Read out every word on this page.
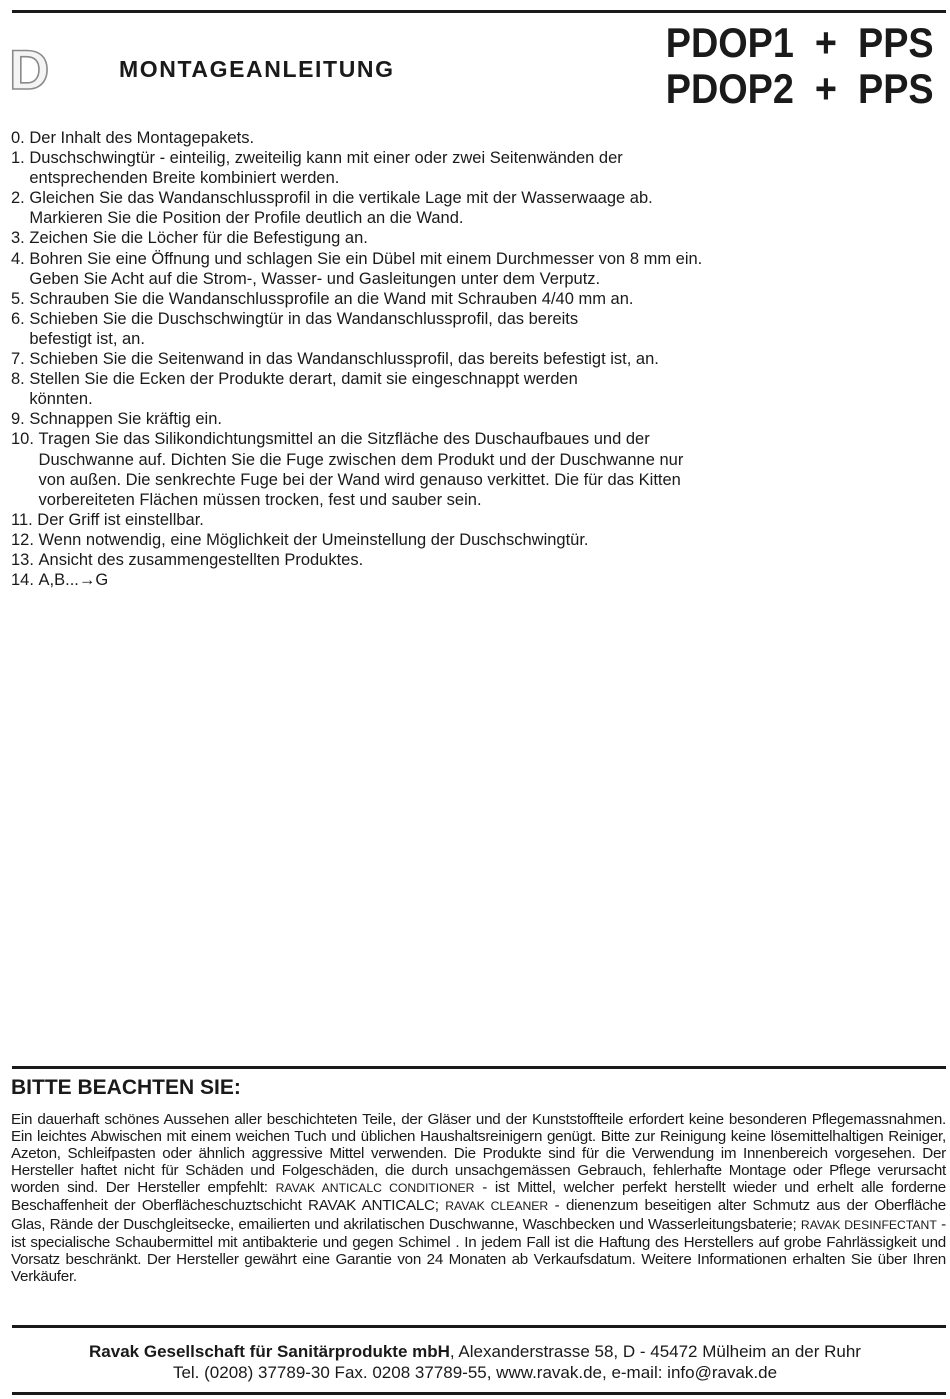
D	MONTAGEANLEITUNG
PDOP1  +  PPS
PDOP2  +  PPS
0. Der Inhalt des Montagepakets.
1. Duschschwingtür - einteilig, zweiteilig kann mit einer oder zwei Seitenwänden der entsprechenden Breite kombiniert werden.
2. Gleichen Sie das Wandanschlussprofil in die vertikale Lage mit der Wasserwaage ab. Markieren Sie die Position der Profile deutlich an die Wand.
3. Zeichen Sie die Löcher für die Befestigung an.
4. Bohren Sie eine Öffnung und schlagen Sie ein Dübel mit einem Durchmesser von 8 mm ein. Geben Sie Acht auf die Strom-, Wasser- und Gasleitungen unter dem Verputz.
5. Schrauben Sie die Wandanschlussprofile an die Wand mit Schrauben 4/40 mm an.
6. Schieben Sie die Duschschwingtür in das Wandanschlussprofil, das bereits befestigt ist, an.
7. Schieben Sie die Seitenwand in das Wandanschlussprofil, das bereits befestigt ist, an.
8. Stellen Sie die Ecken der Produkte derart, damit sie eingeschnappt werden könnten.
9. Schnappen Sie kräftig ein.
10. Tragen Sie das Silikondichtungsmittel an die Sitzfläche des Duschaufbaues und der Duschwanne auf. Dichten Sie die Fuge zwischen dem Produkt und der Duschwanne nur von außen. Die senkrechte Fuge bei der Wand wird genauso verkittet. Die für das Kitten vorbereiteten Flächen müssen trocken, fest und sauber sein.
11. Der Griff ist einstellbar.
12. Wenn notwendig, eine Möglichkeit der Umeinstellung der Duschschwingtür.
13. Ansicht des zusammengestellten Produktes.
14. A,B...→G
BITTE BEACHTEN SIE:

Ein dauerhaft schönes Aussehen aller beschichteten Teile, der Gläser und der Kunststoffteile erfordert keine besonderen Pflegemassnahmen. Ein leichtes Abwischen mit einem weichen Tuch und üblichen Haushaltsreinigern genügt. Bitte zur Reinigung keine lösemittelhaltigen Reiniger, Azeton, Schleifpasten oder ähnlich aggressive Mittel verwenden. Die Produkte sind für die Verwendung im Innenbereich vorgesehen. Der Hersteller haftet nicht für Schäden und Folgeschäden, die durch unsachgemässen Gebrauch, fehlerhafte Montage oder Pflege verursacht worden sind. Der Hersteller empfehlt: RAVAK ANTICALC CONDITIONER - ist Mittel, welcher perfekt herstellt wieder und erhelt alle forderne Beschaffenheit der Oberflächeschuztschicht RAVAK ANTICALC; RAVAK CLEANER - dienenzum beseitigen alter Schmutz aus der Oberfläche Glas, Rände der Duschgleitsecke, emailierten und akrilatischen Duschwanne, Waschbecken und Wasserleitungsbaterie; RAVAK DESINFECTANT - ist specialische Schaubermittel mit antibakterie und gegen Schimel . In jedem Fall ist die Haftung des Herstellers auf grobe Fahrlässigkeit und Vorsatz beschränkt. Der Hersteller gewährt eine Garantie von 24 Monaten ab Verkaufsdatum. Weitere Informationen erhalten Sie über Ihren Verkäufer.

Ravak Gesellschaft für Sanitärprodukte mbH, Alexanderstrasse 58, D - 45472 Mülheim an der Ruhr
Tel. (0208) 37789-30 Fax. 0208 37789-55, www.ravak.de, e-mail: info@ravak.de
